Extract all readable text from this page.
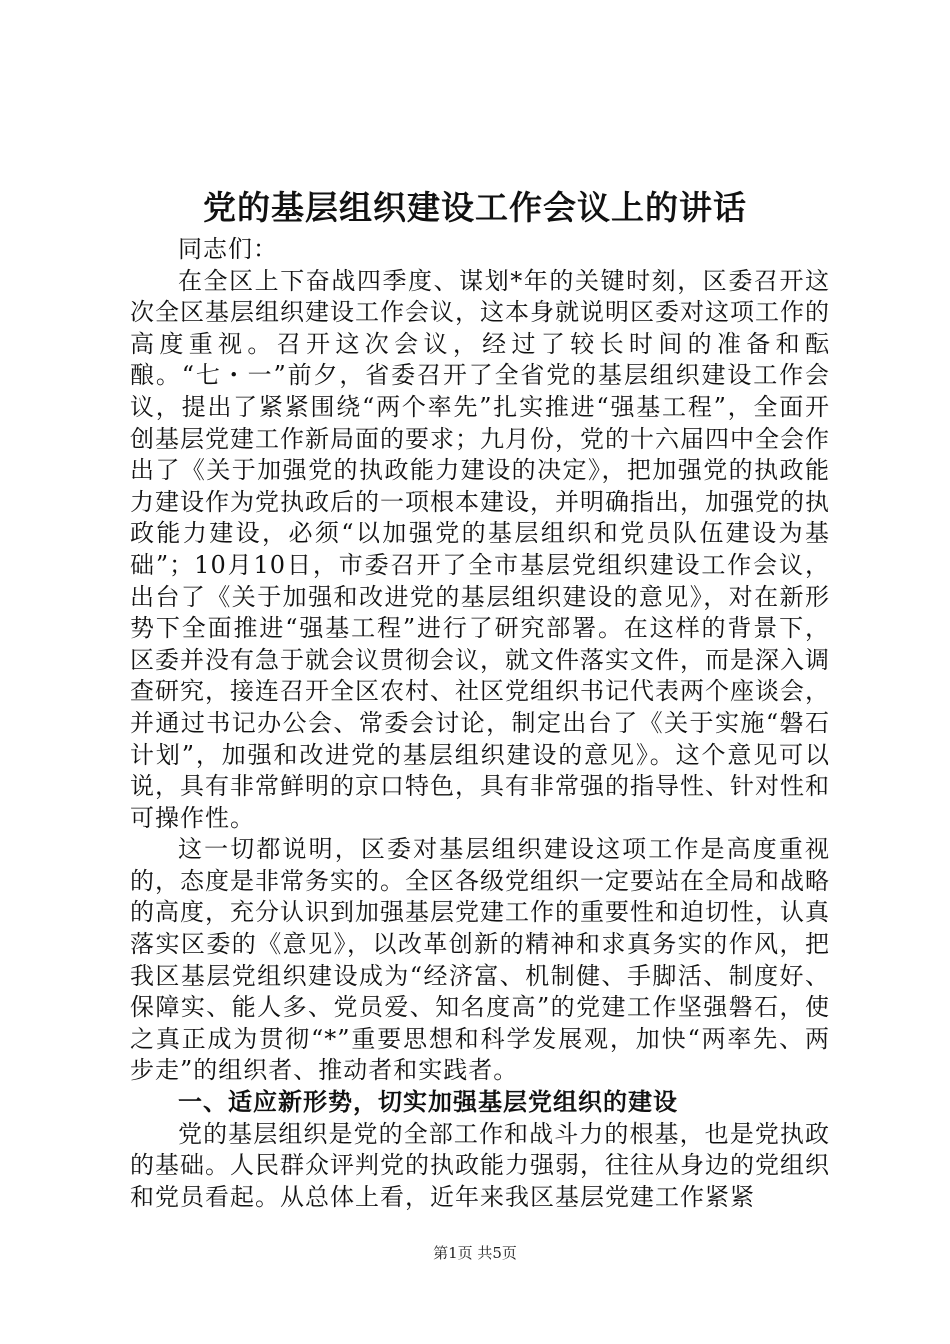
党的基层组织建设工作会议上的讲话

同志们：

在全区上下奋战四季度、谋划*年的关键时刻，区委召开这次全区基层组织建设工作会议，这本身就说明区委对这项工作的高度重视。召开这次会议，经过了较长时间的准备和酝酿。“七・一”前夕，省委召开了全省党的基层组织建设工作会议，提出了紧紧围绕“两个率先”扎实推进“强基工程”，全面开创基层党建工作新局面的要求；九月份，党的十六届四中全会作出了《关于加强党的执政能力建设的决定》，把加强党的执政能力建设作为党执政后的一项根本建设，并明确指出，加强党的执政能力建设，必须“以加强党的基层组织和党员队伍建设为基础”；10月10日，市委召开了全市基层党组织建设工作会议，出台了《关于加强和改进党的基层组织建设的意见》，对在新形势下全面推进“强基工程”进行了研究部署。在这样的背景下，区委并没有急于就会议贯彻会议，就文件落实文件，而是深入调查研究，接连召开全区农村、社区党组织书记代表两个座谈会，并通过书记办公会、常委会讨论，制定出台了《关于实施“磐石计划”，加强和改进党的基层组织建设的意见》。这个意见可以说，具有非常鲜明的京口特色，具有非常强的指导性、针对性和可操作性。

这一切都说明，区委对基层组织建设这项工作是高度重视的，态度是非常务实的。全区各级党组织一定要站在全局和战略的高度，充分认识到加强基层党建工作的重要性和迫切性，认真落实区委的《意见》，以改革创新的精神和求真务实的作风，把我区基层党组织建设成为“经济富、机制健、手脚活、制度好、保障实、能人多、党员爱、知名度高”的党建工作坚强磐石，使之真正成为贯彻“*”重要思想和科学发展观，加快“两率先、两步走”的组织者、推动者和实践者。

一、适应新形势，切实加强基层党组织的建设

党的基层组织是党的全部工作和战斗力的根基，也是党执政的基础。人民群众评判党的执政能力强弱，往往从身边的党组织和党员看起。从总体上看，近年来我区基层党建工作紧紧

第1页 共5页
